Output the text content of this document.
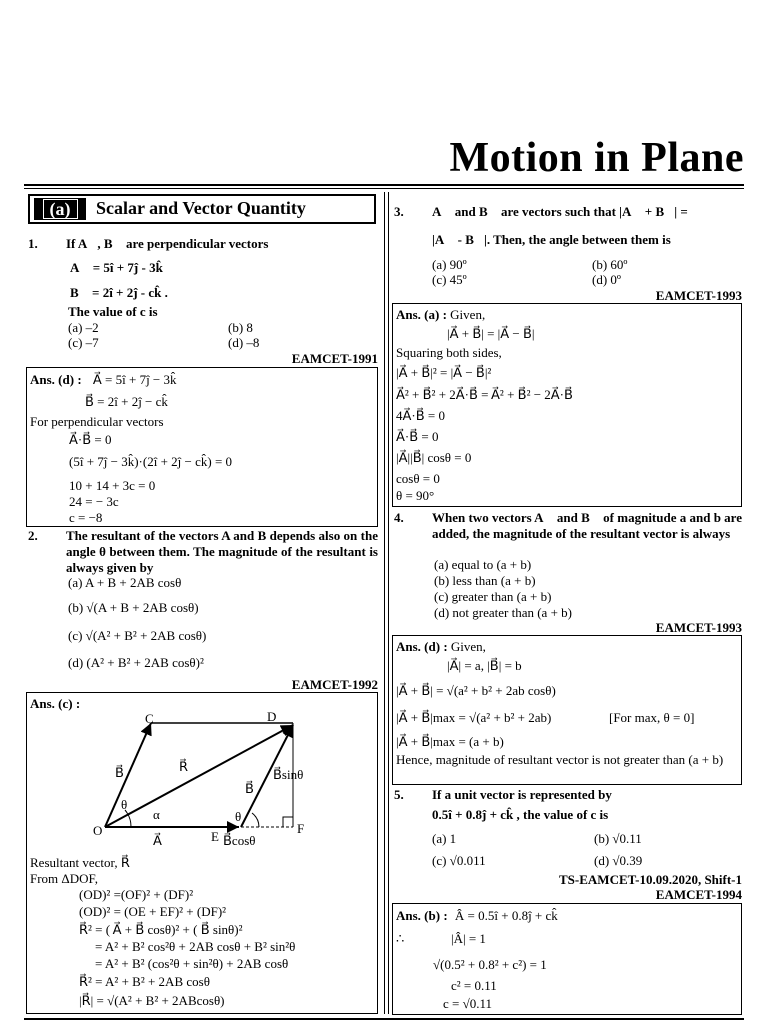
Motion in Plane
(a)	Scalar and Vector Quantity
1. If A⃗, B⃗ are perpendicular vectors
A⃗ = 5î + 7ĵ - 3k̂
B⃗ = 2î + 2ĵ - ck̂ .
The value of c is
(a) –2	(b) 8
(c) –7	(d) –8
EAMCET-1991
Ans. (d) : A⃗ = 5î + 7ĵ − 3k̂
B⃗ = 2î + 2ĵ − ck̂
For perpendicular vectors
A⃗·B⃗ = 0
(5î + 7ĵ − 3k̂)·(2î + 2ĵ − ck̂) = 0
10 + 14 + 3c = 0
24 = − 3c
c = −8
2. The resultant of the vectors A and B depends also on the angle θ between them. The magnitude of the resultant is always given by
(a) A + B + 2AB cosθ
(b) √(A + B + 2AB cosθ)
(c) √(A² + B² + 2AB cosθ)
(d) (A² + B² + 2AB cosθ)²
EAMCET-1992
Ans. (c) :
C	D
O	E
F
B⃗	R⃗
A⃗
B⃗
θ
α	θ
B⃗sinθ
B⃗cosθ
Resultant vector, R⃗
From ΔDOF,
(OD)² =(OF)² + (DF)²
(OD)² = (OE + EF)² + (DF)²
R⃗² = ( A⃗ + B⃗ cosθ)² + ( B⃗ sinθ)²
= A² + B² cos²θ + 2AB cosθ + B² sin²θ
= A² + B² (cos²θ + sin²θ) + 2AB cosθ
R⃗² = A² + B² + 2AB cosθ
|R⃗| = √(A² + B² + 2ABcosθ)
3. A⃗ and B⃗ are vectors such that |A⃗ + B⃗| =
|A⃗ - B⃗|. Then, the angle between them is
(a) 90º	(b) 60º
(c) 45º	(d) 0º
EAMCET-1993
Ans. (a) : Given,
|A⃗ + B⃗| = |A⃗ − B⃗|
Squaring both sides,
|A⃗ + B⃗|² = |A⃗ − B⃗|²
A⃗² + B⃗² + 2A⃗·B⃗ = A⃗² + B⃗² − 2A⃗·B⃗
4A⃗·B⃗ = 0
A⃗·B⃗ = 0
|A⃗||B⃗| cosθ = 0
cosθ = 0
θ = 90°
4. When two vectors A⃗ and B⃗ of magnitude a and b are added, the magnitude of the resultant vector is always
(a) equal to (a + b)
(b) less than (a + b)
(c) greater than (a + b)
(d) not greater than (a + b)
EAMCET-1993
Ans. (d) : Given,
|A⃗| = a, |B⃗| = b
|A⃗ + B⃗| = √(a² + b² + 2ab cosθ)
|A⃗ + B⃗|max = √(a² + b² + 2ab)	[For max, θ = 0]
|A⃗ + B⃗|max = (a + b)
Hence, magnitude of resultant vector is not greater than (a + b)
5. If a unit vector is represented by
0.5î + 0.8ĵ + ck̂ , the value of c is
(a) 1	(b) √0.11
(c) √0.011	(d) √0.39
TS-EAMCET-10.09.2020, Shift-1
EAMCET-1994
Ans. (b) : Â = 0.5î + 0.8ĵ + ck̂
∴	|Â| = 1
√(0.5² + 0.8² + c²) = 1
c² = 0.11
c = √0.11
